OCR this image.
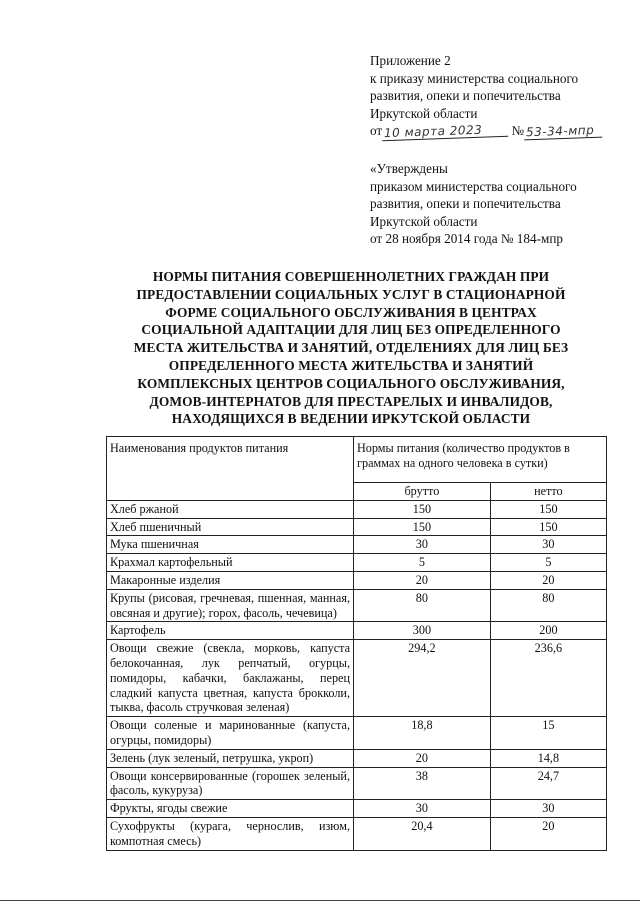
Приложение 2
к приказу министерства социального
развития, опеки и попечительства
Иркутской области
от 10 марта 2023 № 53-34-мпр
«Утверждены
приказом министерства социального
развития, опеки и попечительства
Иркутской области
от 28 ноября 2014 года № 184-мпр
НОРМЫ ПИТАНИЯ СОВЕРШЕННОЛЕТНИХ ГРАЖДАН ПРИ
ПРЕДОСТАВЛЕНИИ СОЦИАЛЬНЫХ УСЛУГ В СТАЦИОНАРНОЙ
ФОРМЕ СОЦИАЛЬНОГО ОБСЛУЖИВАНИЯ В ЦЕНТРАХ
СОЦИАЛЬНОЙ АДАПТАЦИИ ДЛЯ ЛИЦ БЕЗ ОПРЕДЕЛЕННОГО
МЕСТА ЖИТЕЛЬСТВА И ЗАНЯТИЙ, ОТДЕЛЕНИЯХ ДЛЯ ЛИЦ БЕЗ
ОПРЕДЕЛЕННОГО МЕСТА ЖИТЕЛЬСТВА И ЗАНЯТИЙ
КОМПЛЕКСНЫХ ЦЕНТРОВ СОЦИАЛЬНОГО ОБСЛУЖИВАНИЯ,
ДОМОВ-ИНТЕРНАТОВ ДЛЯ ПРЕСТАРЕЛЫХ И ИНВАЛИДОВ,
НАХОДЯЩИХСЯ В ВЕДЕНИИ ИРКУТСКОЙ ОБЛАСТИ
Наименования продуктов питания	Нормы питания (количество продуктов в граммах на одного человека в сутки)	
	брутто	нетто
Хлеб ржаной	150	150
Хлеб пшеничный	150	150
Мука пшеничная	30	30
Крахмал картофельный	5	5
Макаронные изделия	20	20
Крупы (рисовая, гречневая, пшенная, манная, овсяная и другие); горох, фасоль, чечевица)	80	80
Картофель	300	200
Овощи свежие (свекла, морковь, капуста белокочанная, лук репчатый, огурцы, помидоры, кабачки, баклажаны, перец сладкий капуста цветная, капуста брокколи, тыква, фасоль стручковая зеленая)	294,2	236,6
Овощи соленые и маринованные (капуста, огурцы, помидоры)	18,8	15
Зелень (лук зеленый, петрушка, укроп)	20	14,8
Овощи консервированные (горошек зеленый, фасоль, кукуруза)	38	24,7
Фрукты, ягоды свежие	30	30
Сухофрукты (курага, чернослив, изюм, компотная смесь)	20,4	20
